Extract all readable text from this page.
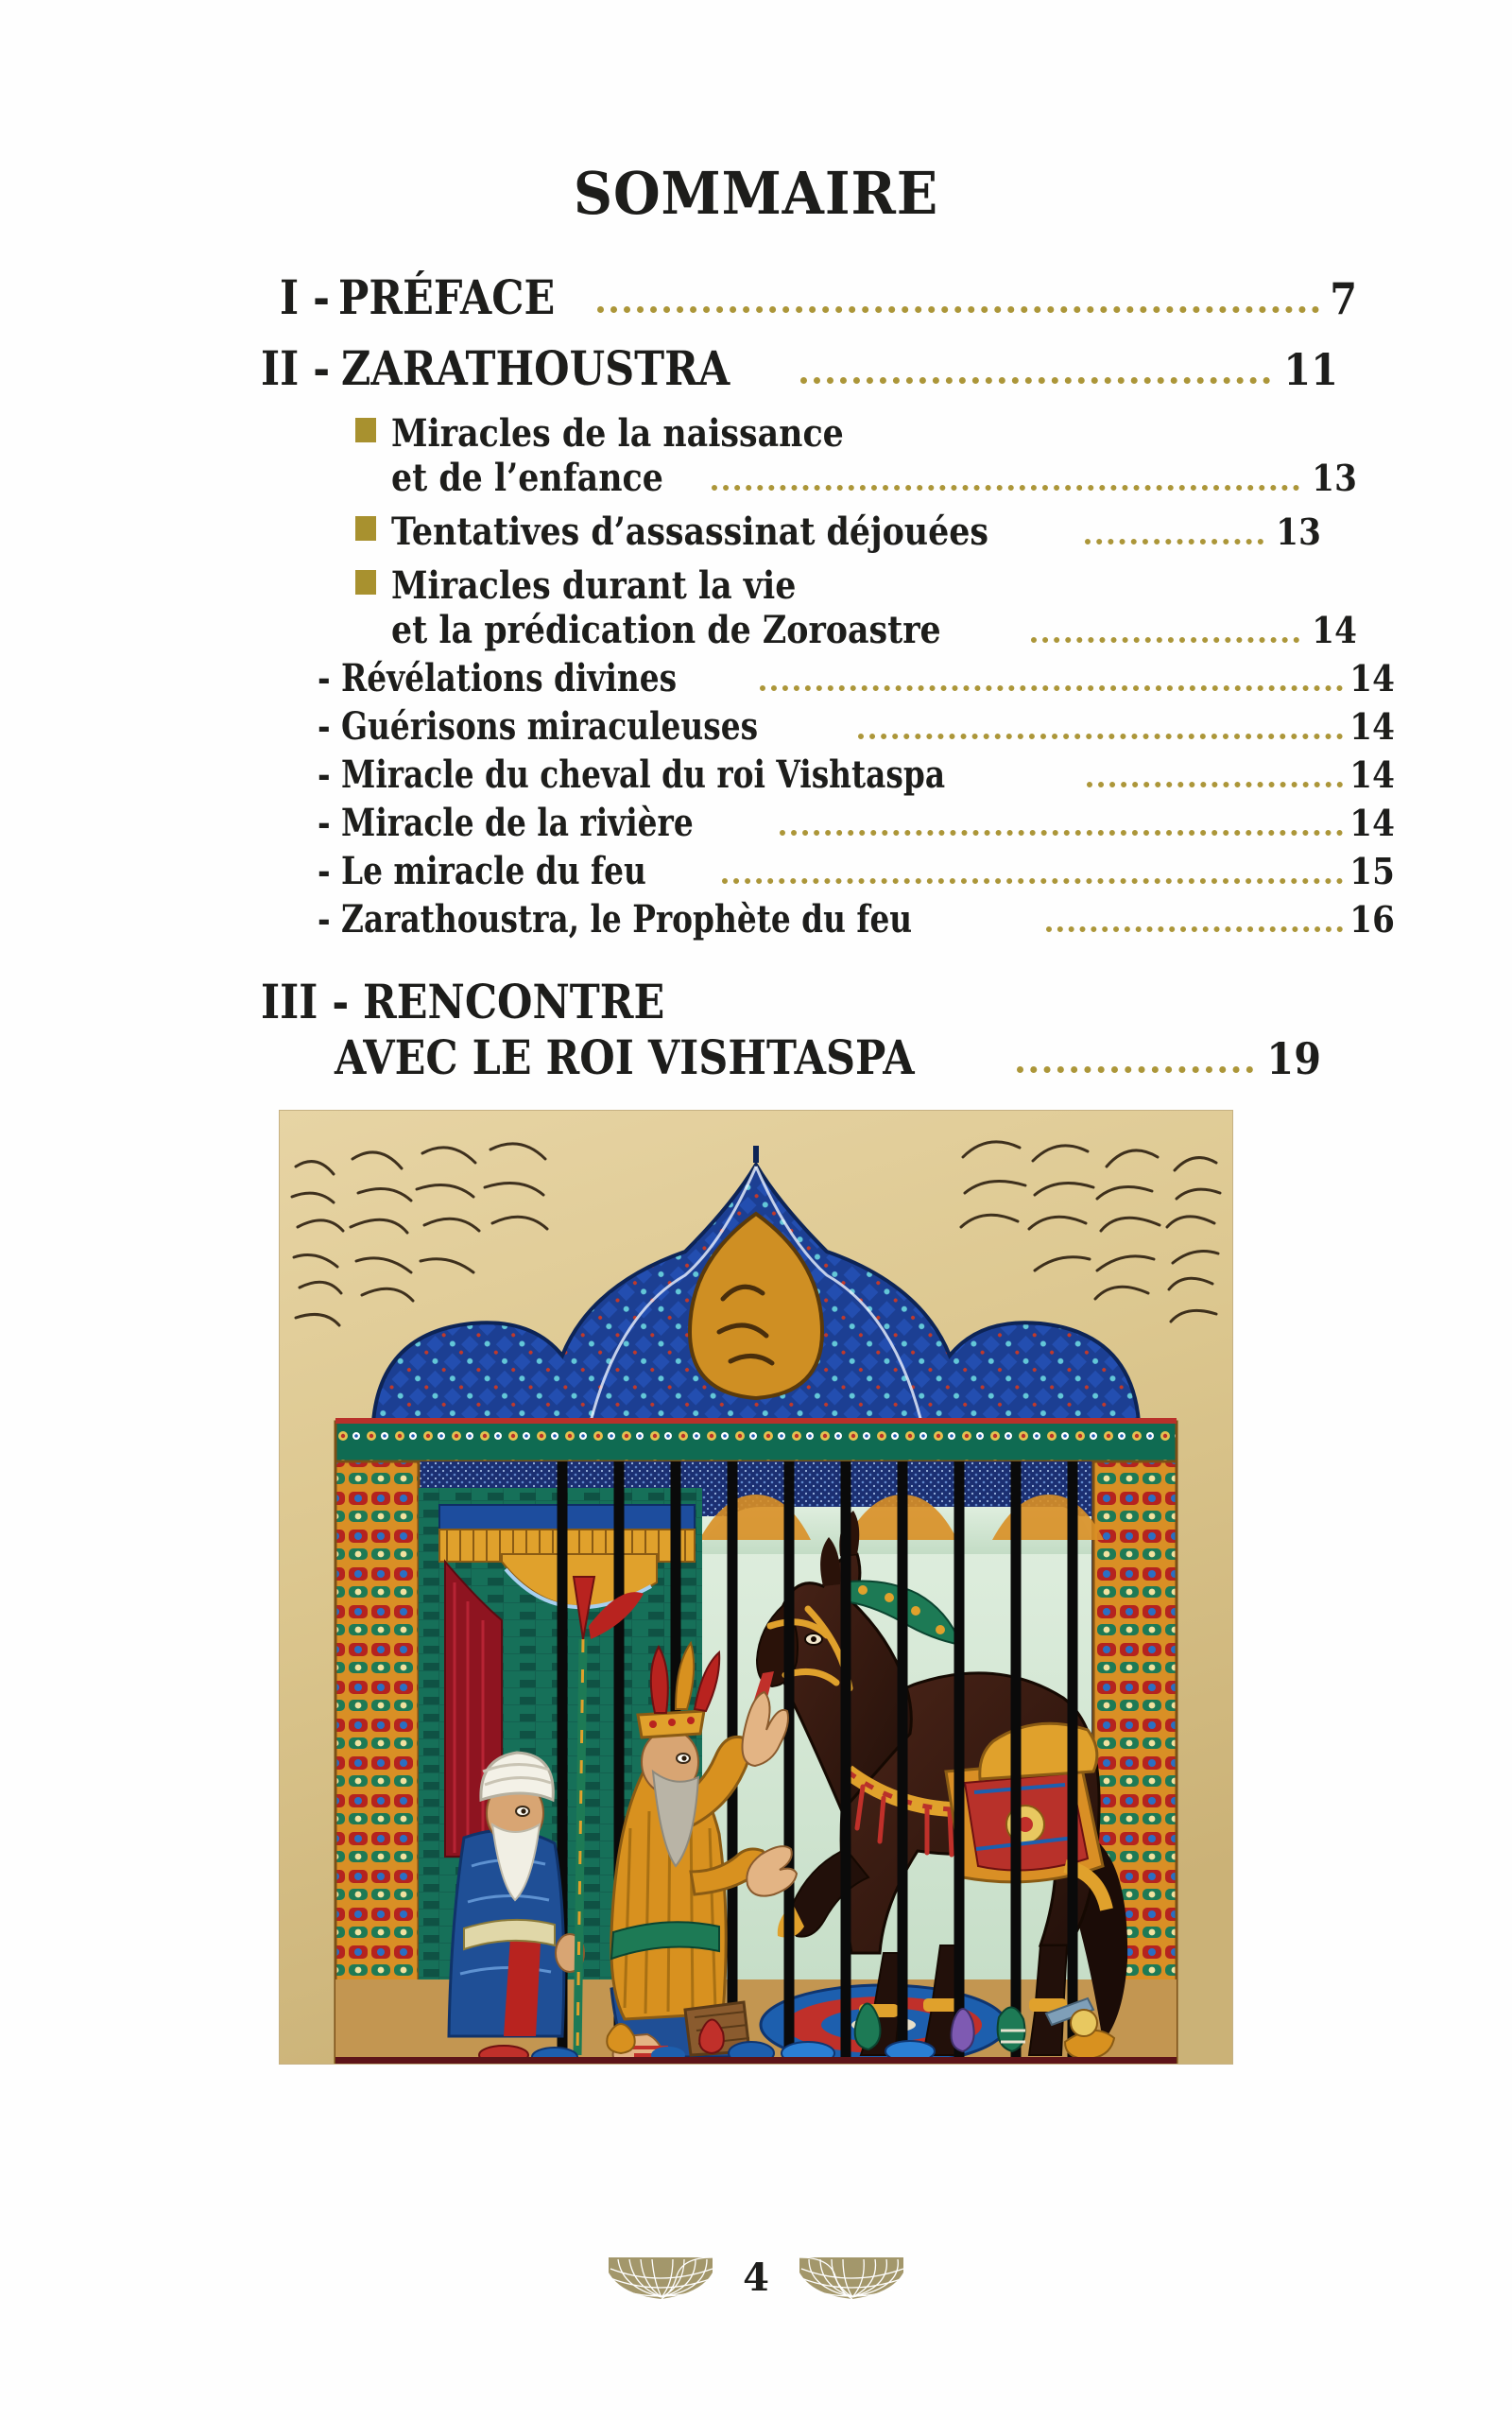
SOMMAIRE
I - PRÉFACE	7
II - ZARATHOUSTRA	11
Miracles de la naissance
et de l’enfance	13
Tentatives d’assassinat déjouées	13
Miracles durant la vie
et la prédication de Zoroastre	14
- Révélations divines	14
- Guérisons miraculeuses	14
- Miracle du cheval du roi Vishtaspa	14
- Miracle de la rivière	14
- Le miracle du feu	15
- Zarathoustra, le Prophète du feu	16
III - RENCONTRE
AVEC LE ROI VISHTASPA	19
4
